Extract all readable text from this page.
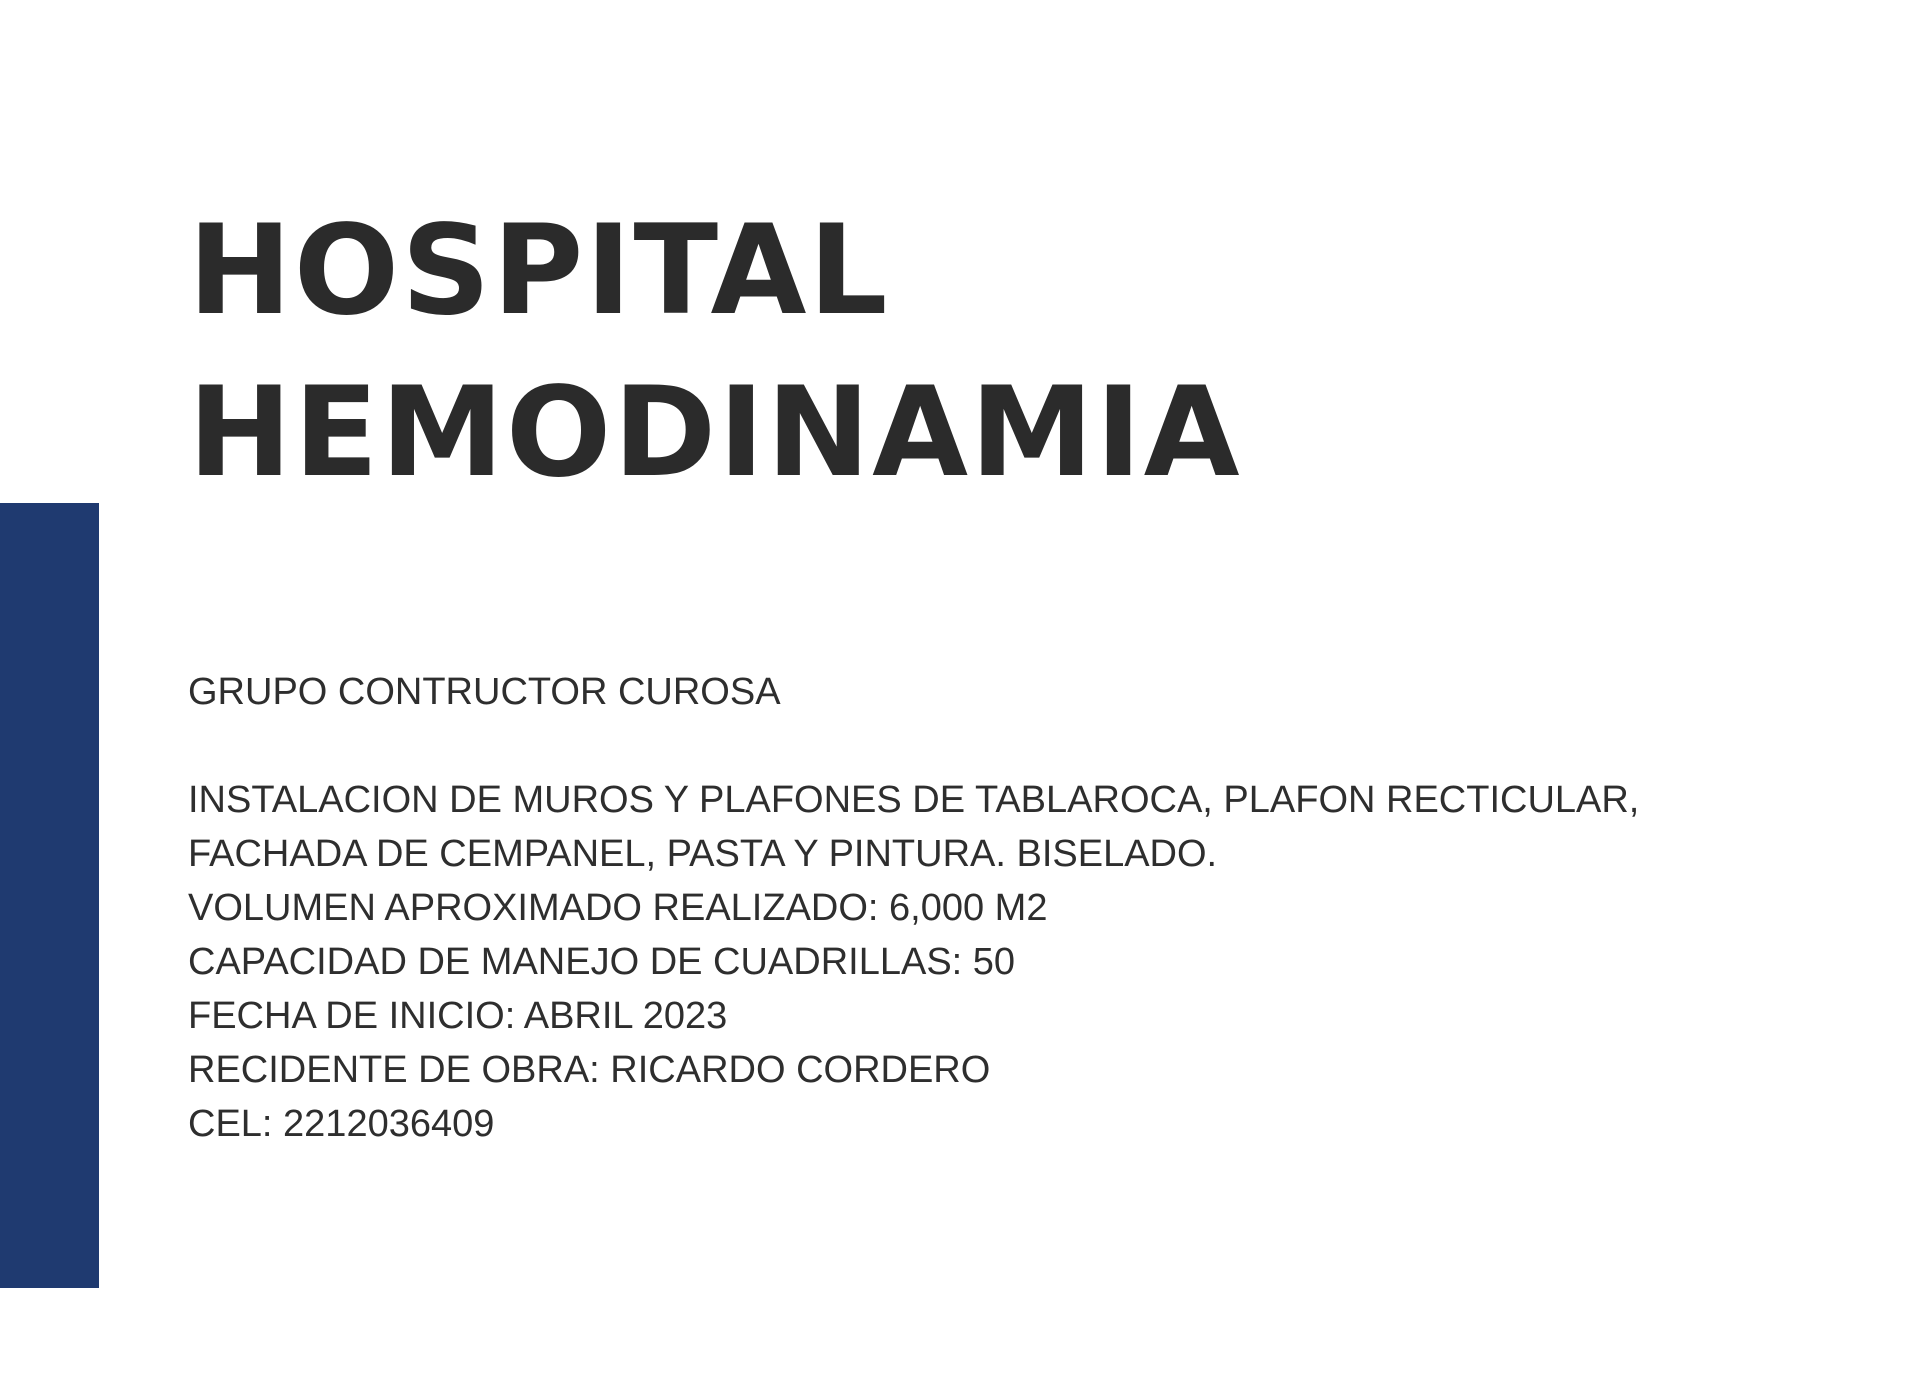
HOSPITAL
HEMODINAMIA
GRUPO CONTRUCTOR CUROSA
INSTALACION DE MUROS Y PLAFONES DE TABLAROCA, PLAFON RECTICULAR,
FACHADA DE CEMPANEL, PASTA Y PINTURA. BISELADO.
VOLUMEN APROXIMADO REALIZADO: 6,000 M2
CAPACIDAD DE MANEJO DE CUADRILLAS: 50
FECHA DE INICIO: ABRIL 2023
RECIDENTE DE OBRA: RICARDO CORDERO
CEL: 2212036409
